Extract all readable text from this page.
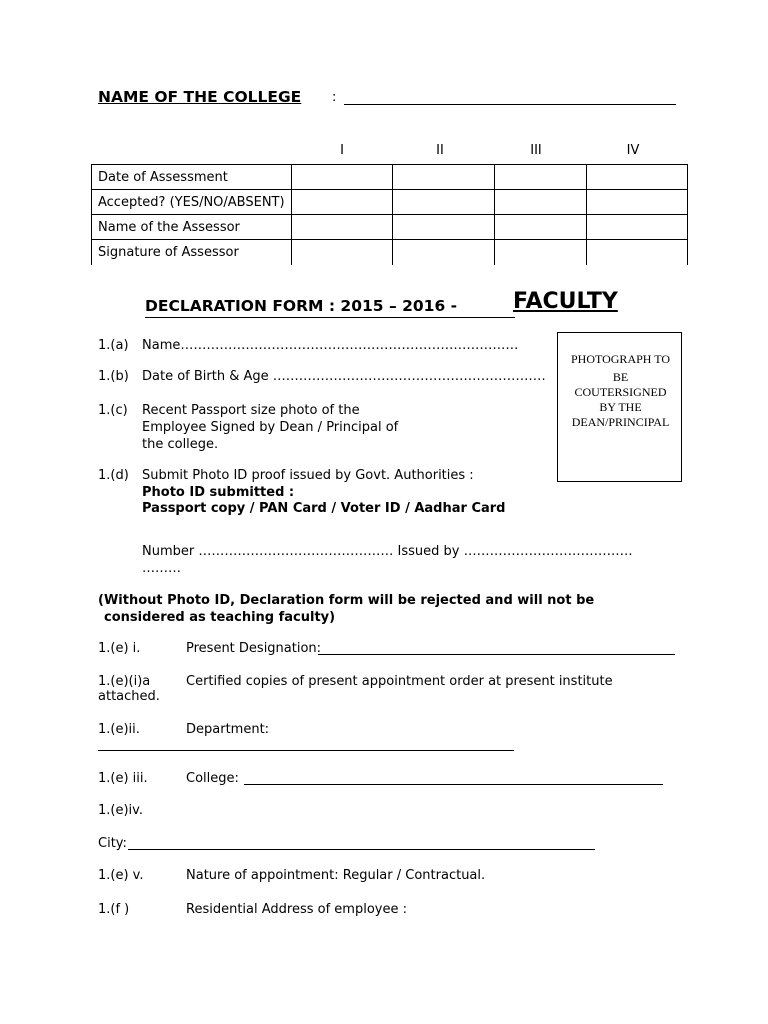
NAME OF THE COLLEGE :
I	II	III	IV
Date of Assessment				
Accepted? (YES/NO/ABSENT)				
Name of the Assessor				
Signature of Assessor				
DECLARATION FORM : 2015 – 2016 -	FACULTY
PHOTOGRAPH TO
BE
COUTERSIGNED
BY THE
DEAN/PRINCIPAL
1.(a) Name……………………………………………………………………
1.(b) Date of Birth & Age ………………………………………………………
1.(c) Recent Passport size photo of the
Employee Signed by Dean / Principal of
the college.
1.(d) Submit Photo ID proof issued by Govt. Authorities :
Photo ID submitted :
Passport copy / PAN Card / Voter ID / Aadhar Card
Number ……………………………………… Issued by …………………………………
………
(Without Photo ID, Declaration form will be rejected and will not be
considered as teaching faculty)
1.(e) i.	Present Designation:
1.(e)(i)a	Certified copies of present appointment order at present institute
attached.
1.(e)ii.	Department:
1.(e) iii.	College:
1.(e)iv.
City:
1.(e) v.	Nature of appointment: Regular / Contractual.
1.(f )	Residential Address of employee :
